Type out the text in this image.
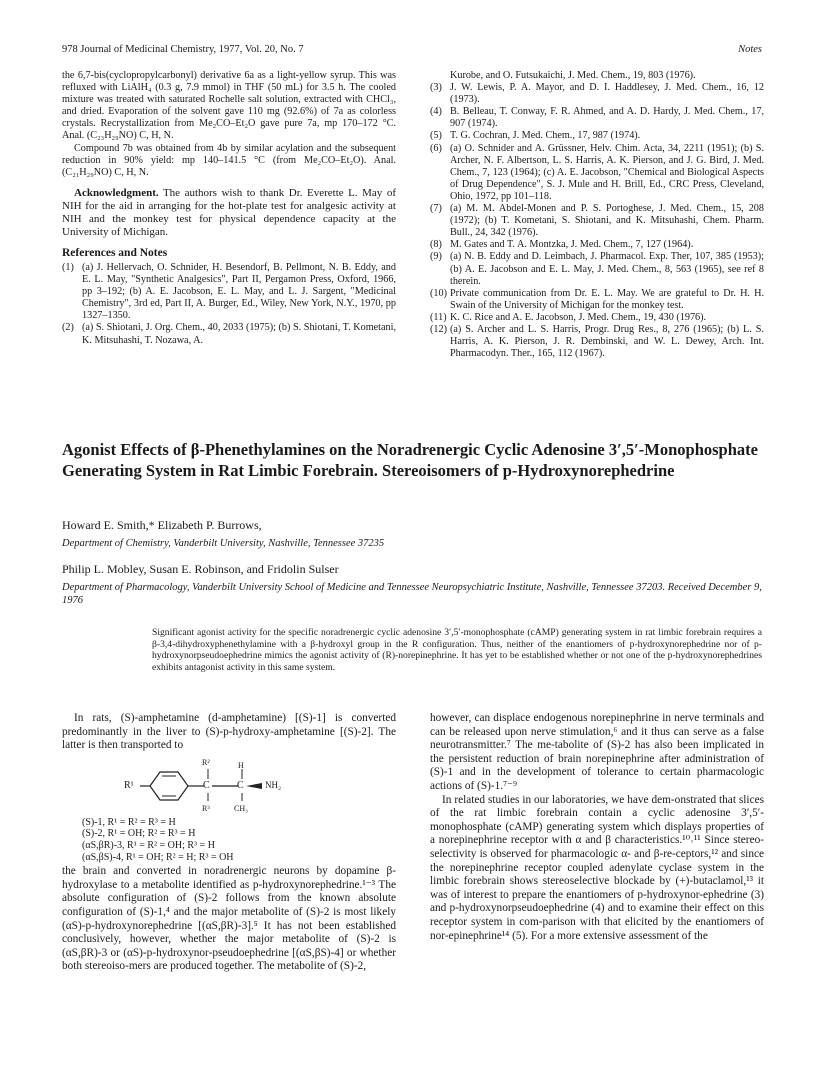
978 Journal of Medicinal Chemistry, 1977, Vol. 20, No. 7	Notes

the 6,7-bis(cyclopropylcarbonyl) derivative 6a as a light-yellow syrup. This was refluxed with LiAlH₄ (0.3 g, 7.9 mmol) in THF (50 mL) for 3.5 h. The cooled mixture was treated with saturated Rochelle salt solution, extracted with CHCl₃, and dried. Evaporation of the solvent gave 110 mg (92.6%) of 7a as colorless crystals. Recrystallization from Me₂CO–Et₂O gave pure 7a, mp 170–172 °C. Anal. (C₂₃H₂₉NO) C, H, N.

Compound 7b was obtained from 4b by similar acylation and the subsequent reduction in 90% yield: mp 140–141.5 °C (from Me₂CO–Et₂O). Anal. (C₂₁H₂₉NO) C, H, N.

Acknowledgment. The authors wish to thank Dr. Everette L. May of NIH for the aid in arranging for the hot-plate test for analgesic activity at NIH and the monkey test for physical dependence capacity at the University of Michigan.

References and Notes
(1) (a) J. Hellervach, O. Schnider, H. Besendorf, B. Pellmont, N. B. Eddy, and E. L. May, "Synthetic Analgesics", Part II, Pergamon Press, Oxford, 1966, pp 3–192; (b) A. E. Jacobson, E. L. May, and L. J. Sargent, "Medicinal Chemistry", 3rd ed, Part II, A. Burger, Ed., Wiley, New York, N.Y., 1970, pp 1327–1350.
(2) (a) S. Shiotani, J. Org. Chem., 40, 2033 (1975); (b) S. Shiotani, T. Kometani, K. Mitsuhashi, T. Nozawa, A.
Kurobe, and O. Futsukaichi, J. Med. Chem., 19, 803 (1976).
(3) J. W. Lewis, P. A. Mayor, and D. I. Haddlesey, J. Med. Chem., 16, 12 (1973).
(4) B. Belleau, T. Conway, F. R. Ahmed, and A. D. Hardy, J. Med. Chem., 17, 907 (1974).
(5) T. G. Cochran, J. Med. Chem., 17, 987 (1974).
(6) (a) O. Schnider and A. Grüssner, Helv. Chim. Acta, 34, 2211 (1951); (b) S. Archer, N. F. Albertson, L. S. Harris, A. K. Pierson, and J. G. Bird, J. Med. Chem., 7, 123 (1964); (c) A. E. Jacobson, "Chemical and Biological Aspects of Drug Dependence", S. J. Mule and H. Brill, Ed., CRC Press, Cleveland, Ohio, 1972, pp 101–118.
(7) (a) M. M. Abdel-Monen and P. S. Portoghese, J. Med. Chem., 15, 208 (1972); (b) T. Kometani, S. Shiotani, and K. Mitsuhashi, Chem. Pharm. Bull., 24, 342 (1976).
(8) M. Gates and T. A. Montzka, J. Med. Chem., 7, 127 (1964).
(9) (a) N. B. Eddy and D. Leimbach, J. Pharmacol. Exp. Ther, 107, 385 (1953); (b) A. E. Jacobson and E. L. May, J. Med. Chem., 8, 563 (1965), see ref 8 therein.
(10) Private communication from Dr. E. L. May. We are grateful to Dr. H. H. Swain of the University of Michigan for the monkey test.
(11) K. C. Rice and A. E. Jacobson, J. Med. Chem., 19, 430 (1976).
(12) (a) S. Archer and L. S. Harris, Progr. Drug Res., 8, 276 (1965); (b) L. S. Harris, A. K. Pierson, J. R. Dembinski, and W. L. Dewey, Arch. Int. Pharmacodyn. Ther., 165, 112 (1967).
Agonist Effects of β-Phenethylamines on the Noradrenergic Cyclic Adenosine 3′,5′-Monophosphate Generating System in Rat Limbic Forebrain. Stereoisomers of p-Hydroxynorephedrine
Howard E. Smith,* Elizabeth P. Burrows,
Department of Chemistry, Vanderbilt University, Nashville, Tennessee 37235
Philip L. Mobley, Susan E. Robinson, and Fridolin Sulser
Department of Pharmacology, Vanderbilt University School of Medicine and Tennessee Neuropsychiatric Institute, Nashville, Tennessee 37203. Received December 9, 1976
Significant agonist activity for the specific noradrenergic cyclic adenosine 3′,5′-monophosphate (cAMP) generating system in rat limbic forebrain requires a β-3,4-dihydroxyphenethylamine with a β-hydroxyl group in the R configuration. Thus, neither of the enantiomers of p-hydroxynorephedrine nor of p-hydroxynorpseudoephedrine mimics the agonist activity of (R)-norepinephrine. It has yet to be established whether or not one of the p-hydroxynorephedrines exhibits antagonist activity in this same system.

In rats, (S)-amphetamine (d-amphetamine) [(S)-1] is converted predominantly in the liver to (S)-p-hydroxy-amphetamine [(S)-2]. The latter is then transported to

R¹	C	C
R²
R³
H
NH₂
CH₃
(S)-1, R¹ = R² = R³ = H
(S)-2, R¹ = OH; R² = R³ = H
(αS,βR)-3, R¹ = R² = OH; R³ = H
(αS,βS)-4, R¹ = OH; R² = H; R³ = OH

the brain and converted in noradrenergic neurons by dopamine β-hydroxylase to a metabolite identified as p-hydroxynorephedrine.¹⁻³ The absolute configuration of (S)-2 follows from the known absolute configuration of (S)-1,⁴ and the major metabolite of (S)-2 is most likely (αS)-p-hydroxynorephedrine [(αS,βR)-3].⁵ It has not been established conclusively, however, whether the major metabolite of (S)-2 is (αS,βR)-3 or (αS)-p-hydroxynor-pseudoephedrine [(αS,βS)-4] or whether both stereoiso-mers are produced together. The metabolite of (S)-2,

however, can displace endogenous norepinephrine in nerve terminals and can be released upon nerve stimulation,⁶ and it thus can serve as a false neurotransmitter.⁷ The me-tabolite of (S)-2 has also been implicated in the persistent reduction of brain norepinephrine after administration of (S)-1 and in the development of tolerance to certain pharmacologic actions of (S)-1.⁷⁻⁹

In related studies in our laboratories, we have dem-onstrated that slices of the rat limbic forebrain contain a cyclic adenosine 3′,5′-monophosphate (cAMP) generating system which displays properties of a norepinephrine receptor with α and β characteristics.¹⁰˒¹¹ Since stereo-selectivity is observed for pharmacologic α- and β-re-ceptors,¹² and since the norepinephrine receptor coupled adenylate cyclase system in the limbic forebrain shows stereoselective blockade by (+)-butaclamol,¹³ it was of interest to prepare the enantiomers of p-hydroxynor-ephedrine (3) and p-hydroxynorpseudoephedrine (4) and to examine their effect on this receptor system in com-parison with that elicited by the enantiomers of nor-epinephrine¹⁴ (5). For a more extensive assessment of the
